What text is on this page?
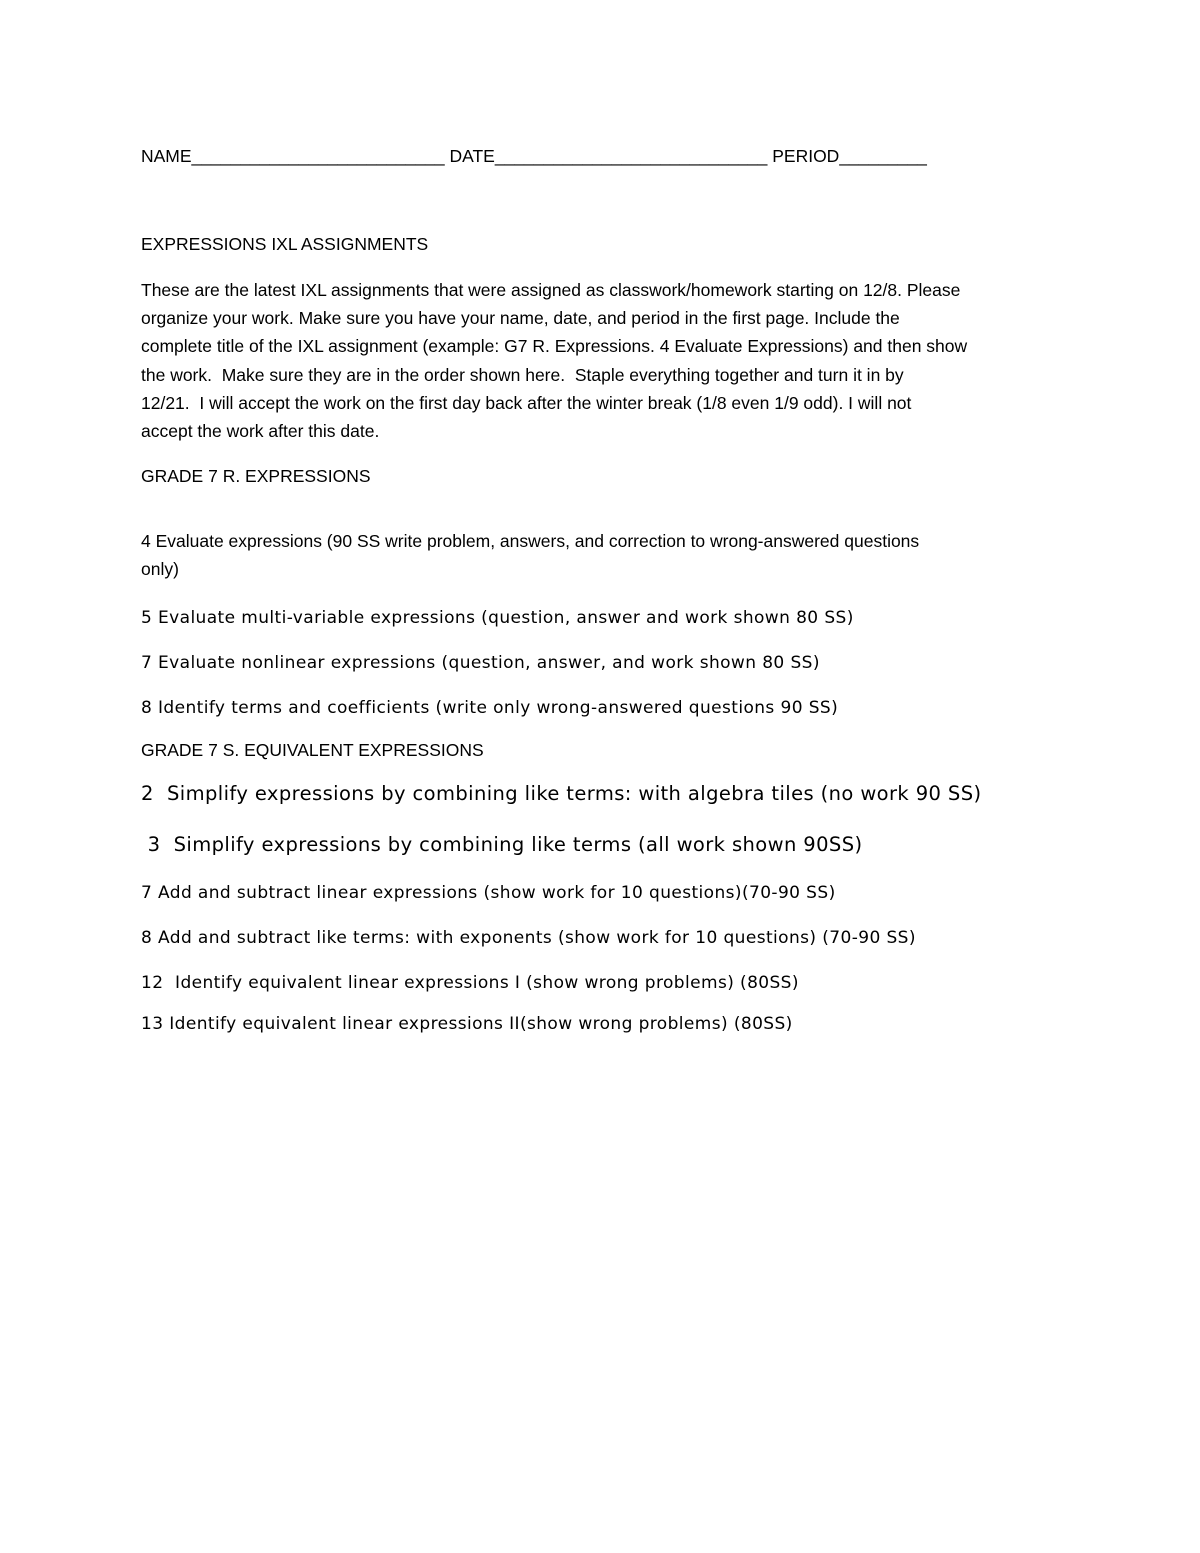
NAME__________________________ DATE____________________________ PERIOD_________

EXPRESSIONS IXL ASSIGNMENTS

These are the latest IXL assignments that were assigned as classwork/homework starting on 12/8. Please
organize your work. Make sure you have your name, date, and period in the first page. Include the
complete title of the IXL assignment (example: G7 R. Expressions. 4 Evaluate Expressions) and then show
the work.  Make sure they are in the order shown here.  Staple everything together and turn it in by
12/21.  I will accept the work on the first day back after the winter break (1/8 even 1/9 odd). I will not
accept the work after this date.

GRADE 7 R. EXPRESSIONS

4 Evaluate expressions (90 SS write problem, answers, and correction to wrong-answered questions

only)

5 Evaluate multi-variable expressions (question, answer and work shown 80 SS)

7 Evaluate nonlinear expressions (question, answer, and work shown 80 SS)

8 Identify terms and coefficients (write only wrong-answered questions 90 SS)

GRADE 7 S. EQUIVALENT EXPRESSIONS

2  Simplify expressions by combining like terms: with algebra tiles (no work 90 SS)

3  Simplify expressions by combining like terms (all work shown 90SS)

7 Add and subtract linear expressions (show work for 10 questions)(70-90 SS)

8 Add and subtract like terms: with exponents (show work for 10 questions) (70-90 SS)

12  Identify equivalent linear expressions I (show wrong problems) (80SS)

13 Identify equivalent linear expressions II(show wrong problems) (80SS)
